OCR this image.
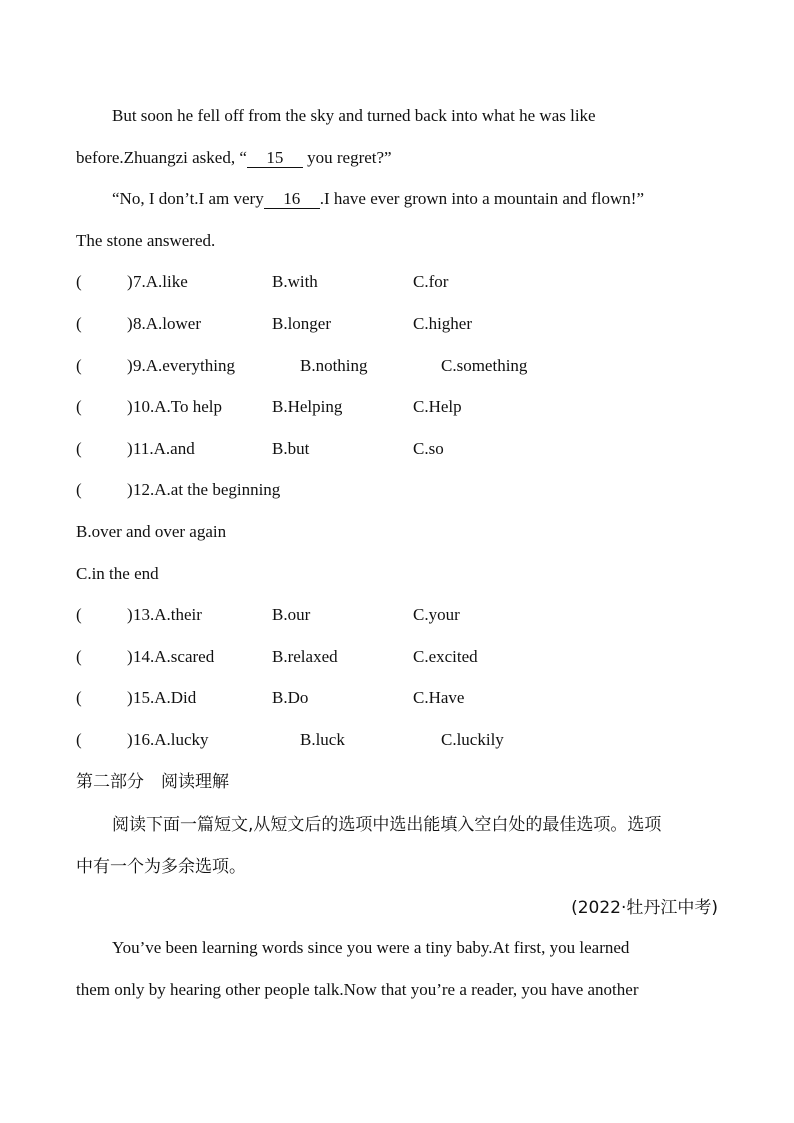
But soon he fell off from the sky and turned back into what he was like
before.Zhuangzi asked, “ 15 you regret?”
“No, I don’t.I am very 16 .I have ever grown into a mountain and flown!”
The stone answered.
(	) 7.A.like	B.with	C.for
(	) 8.A.lower	B.longer	C.higher
(	) 9.A.everything	B.nothing	C.something
(	) 10.A.To help	B.Helping	C.Help
(	) 11.A.and	B.but	C.so
(	) 12.A.at the beginning
B.over and over again
C.in the end
(	) 13.A.their	B.our	C.your
(	) 14.A.scared	B.relaxed	C.excited
(	) 15.A.Did	B.Do	C.Have
(	) 16.A.lucky	B.luck	C.luckily
第二部分　阅读理解
阅读下面一篇短文,从短文后的选项中选出能填入空白处的最佳选项。选项
中有一个为多余选项。
(2022·牡丹江中考)
You’ve been learning words since you were a tiny baby.At first, you learned
them only by hearing other people talk.Now that you’re a reader, you have another
